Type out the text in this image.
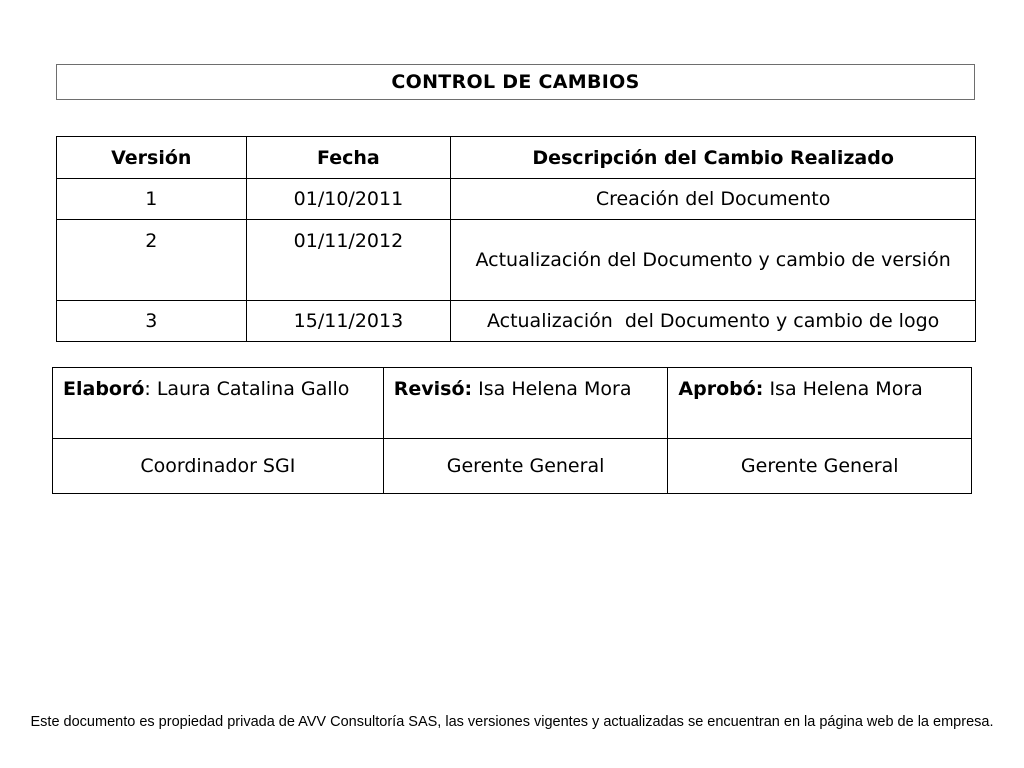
CONTROL DE CAMBIOS
Versión	Fecha	Descripción del Cambio Realizado
1	01/10/2011	Creación del Documento
2	01/11/2012	Actualización del Documento y cambio de versión
3	15/11/2013	Actualización  del Documento y cambio de logo
Elaboró: Laura Catalina Gallo	Revisó: Isa Helena Mora	Aprobó: Isa Helena Mora
Coordinador SGI	Gerente General	Gerente General
Este documento es propiedad privada de AVV Consultoría SAS, las versiones vigentes y actualizadas se encuentran en la página web de la empresa.
